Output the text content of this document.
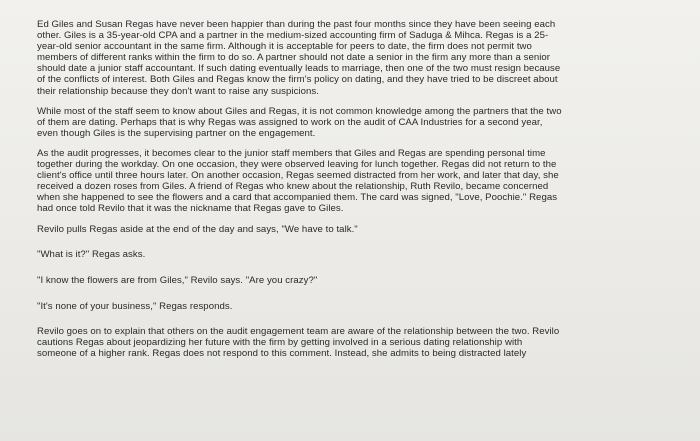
Ed Giles and Susan Regas have never been happier than during the past four months since they have been seeing each
other. Giles is a 35-year-old CPA and a partner in the medium-sized accounting firm of Saduga & Mihca. Regas is a 25-
year-old senior accountant in the same firm. Although it is acceptable for peers to date, the firm does not permit two
members of different ranks within the firm to do so. A partner should not date a senior in the firm any more than a senior
should date a junior staff accountant. If such dating eventually leads to marriage, then one of the two must resign because
of the conflicts of interest. Both Giles and Regas know the firm's policy on dating, and they have tried to be discreet about
their relationship because they don't want to raise any suspicions.

While most of the staff seem to know about Giles and Regas, it is not common knowledge among the partners that the two
of them are dating. Perhaps that is why Regas was assigned to work on the audit of CAA Industries for a second year,
even though Giles is the supervising partner on the engagement.

As the audit progresses, it becomes clear to the junior staff members that Giles and Regas are spending personal time
together during the workday. On one occasion, they were observed leaving for lunch together. Regas did not return to the
client's office until three hours later. On another occasion, Regas seemed distracted from her work, and later that day, she
received a dozen roses from Giles. A friend of Regas who knew about the relationship, Ruth Revilo, became concerned
when she happened to see the flowers and a card that accompanied them. The card was signed, "Love, Poochie." Regas
had once told Revilo that it was the nickname that Regas gave to Giles.

Revilo pulls Regas aside at the end of the day and says, "We have to talk."

"What is it?" Regas asks.

"I know the flowers are from Giles," Revilo says. "Are you crazy?"

"It's none of your business," Regas responds.

Revilo goes on to explain that others on the audit engagement team are aware of the relationship between the two. Revilo
cautions Regas about jeopardizing her future with the firm by getting involved in a serious dating relationship with
someone of a higher rank. Regas does not respond to this comment. Instead, she admits to being distracted lately
